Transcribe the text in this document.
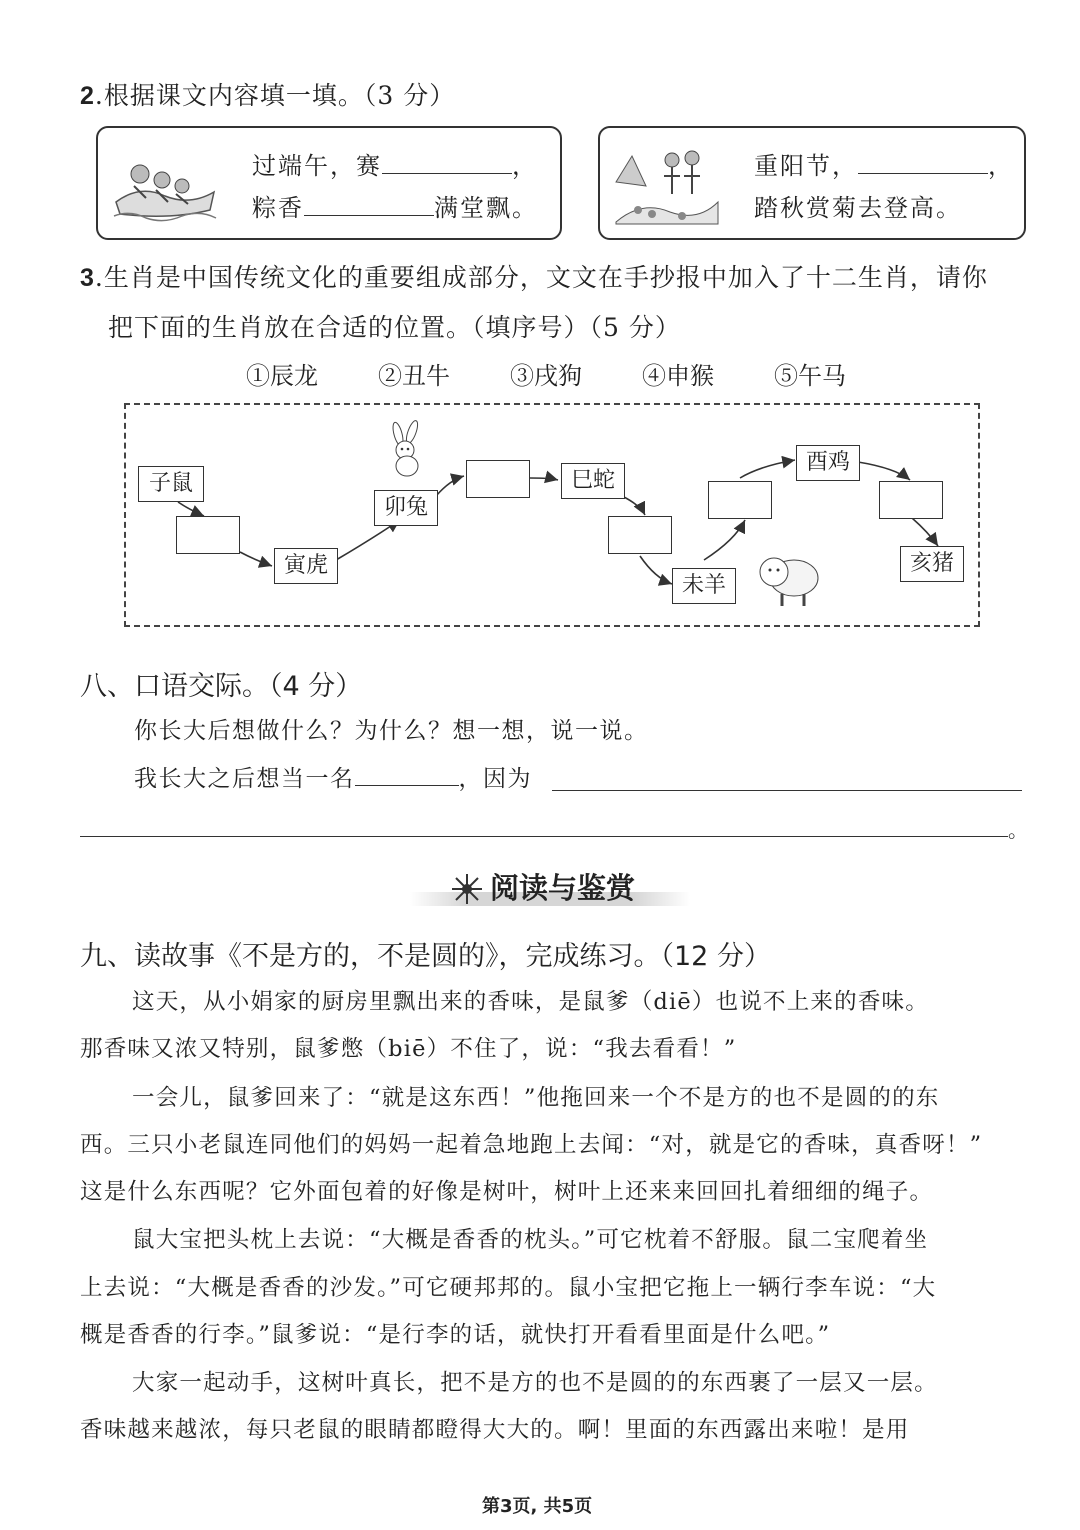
2.根据课文内容填一填。（3 分）
过端午，赛	，
粽香	满堂飘。
重阳节，	，
踏秋赏菊去登高。
3.生肖是中国传统文化的重要组成部分，文文在手抄报中加入了十二生肖，请你
把下面的生肖放在合适的位置。（填序号）（5 分）
①辰龙	②丑牛	③戌狗	④申猴	⑤午马
子鼠
寅虎
卯兔
巳蛇
未羊
酉鸡
亥猪
八、口语交际。（4 分）
你长大后想做什么？为什么？想一想，说一说。
我长大之后想当一名	，因为
。
阅读与鉴赏
九、读故事《不是方的，不是圆的》，完成练习。（12 分）
这天，从小娟家的厨房里飘出来的香味，是鼠爹（diē）也说不上来的香味。
那香味又浓又特别，鼠爹憋（biē）不住了，说：“我去看看！”
一会儿，鼠爹回来了：“就是这东西！”他拖回来一个不是方的也不是圆的的东
西。三只小老鼠连同他们的妈妈一起着急地跑上去闻：“对，就是它的香味，真香呀！”
这是什么东西呢？它外面包着的好像是树叶，树叶上还来来回回扎着细细的绳子。
鼠大宝把头枕上去说：“大概是香香的枕头。”可它枕着不舒服。鼠二宝爬着坐
上去说：“大概是香香的沙发。”可它硬邦邦的。鼠小宝把它拖上一辆行李车说：“大
概是香香的行李。”鼠爹说：“是行李的话，就快打开看看里面是什么吧。”
大家一起动手，这树叶真长，把不是方的也不是圆的的东西裹了一层又一层。
香味越来越浓，每只老鼠的眼睛都瞪得大大的。啊！里面的东西露出来啦！是用
第3页, 共5页
